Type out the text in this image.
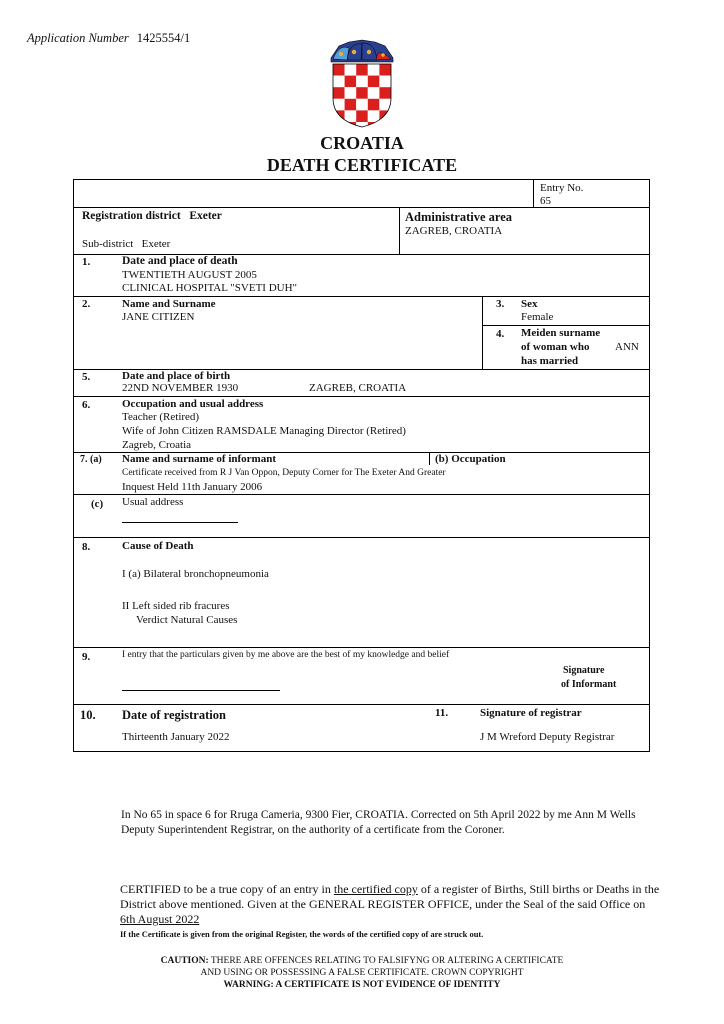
Application Number 1425554/1
CROATIA
DEATH CERTIFICATE
Entry No.
65
Registration district Exeter
Sub-district Exeter
Administrative area
ZAGREB, CROATIA
1.	Date and place of death
TWENTIETH AUGUST 2005
CLINICAL HOSPITAL "SVETI DUH"
2.	Name and Surname
JANE CITIZEN
3. Sex
Female
4. Meiden surname
of woman who
has married
ANN
5.	Date and place of birth
22ND NOVEMBER 1930	ZAGREB, CROATIA
6.	Occupation and usual address
Teacher (Retired)
Wife of John Citizen RAMSDALE Managing Director (Retired)
Zagreb, Croatia
7. (a) Name and surname of informant	(b) Occupation
Certificate received from R J Van Oppon, Deputy Corner for The Exeter And Greater
Inquest Held 11th January 2006
(c) Usual address
8.	Cause of Death
I (a) Bilateral bronchopneumonia
II Left sided rib fracures
Verdict Natural Causes
9.	I entry that the particulars given by me above are the best of my knowledge and belief
Signature
of Informant
10. Date of registration
Thirteenth January 2022
11.	Signature of registrar
J M Wreford Deputy Registrar
In No 65 in space 6 for Rruga Cameria, 9300 Fier, CROATIA. Corrected on 5th April 2022 by me Ann M Wells Deputy Superintendent Registrar, on the authority of a certificate from the Coroner.
CERTIFIED to be a true copy of an entry in the certified copy of a register of Births, Still births or Deaths in the District above mentioned. Given at the GENERAL REGISTER OFFICE, under the Seal of the said Office on 6th August 2022
If the Certificate is given from the original Register, the words of the certified copy of are struck out.
CAUTION: THERE ARE OFFENCES RELATING TO FALSIFYNG OR ALTERING A CERTIFICATE
AND USING OR POSSESSING A FALSE CERTIFICATE. CROWN COPYRIGHT
WARNING: A CERTIFICATE IS NOT EVIDENCE OF IDENTITY
